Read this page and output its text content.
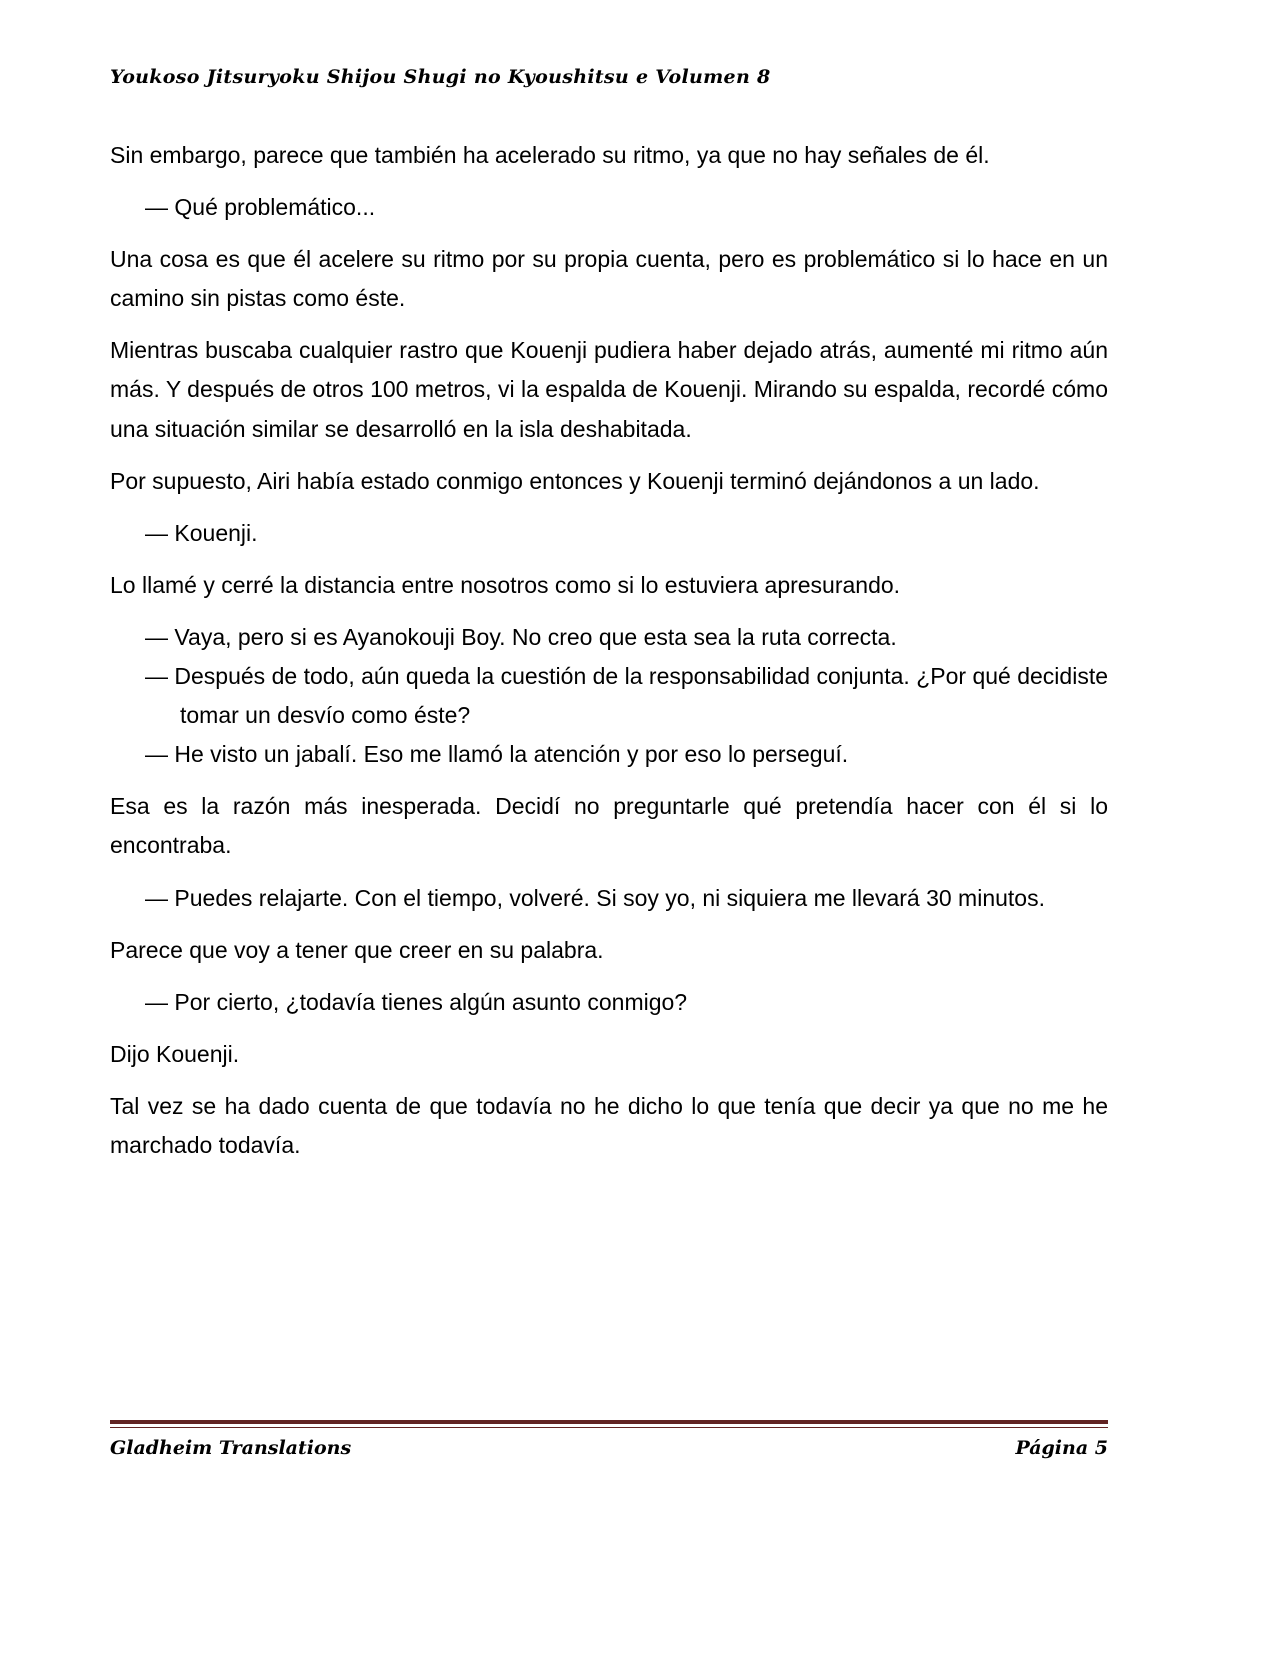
Youkoso Jitsuryoku Shijou Shugi no Kyoushitsu e Volumen 8

Sin embargo, parece que también ha acelerado su ritmo, ya que no hay señales de él.

— Qué problemático...

Una cosa es que él acelere su ritmo por su propia cuenta, pero es problemático si lo hace en un camino sin pistas como éste.

Mientras buscaba cualquier rastro que Kouenji pudiera haber dejado atrás, aumenté mi ritmo aún más. Y después de otros 100 metros, vi la espalda de Kouenji. Mirando su espalda, recordé cómo una situación similar se desarrolló en la isla deshabitada.

Por supuesto, Airi había estado conmigo entonces y Kouenji terminó dejándonos a un lado.

— Kouenji.

Lo llamé y cerré la distancia entre nosotros como si lo estuviera apresurando.

— Vaya, pero si es Ayanokouji Boy. No creo que esta sea la ruta correcta.

— Después de todo, aún queda la cuestión de la responsabilidad conjunta. ¿Por qué decidiste tomar un desvío como éste?

— He visto un jabalí. Eso me llamó la atención y por eso lo perseguí.

Esa es la razón más inesperada. Decidí no preguntarle qué pretendía hacer con él si lo encontraba.

— Puedes relajarte. Con el tiempo, volveré. Si soy yo, ni siquiera me llevará 30 minutos.

Parece que voy a tener que creer en su palabra.

— Por cierto, ¿todavía tienes algún asunto conmigo?

Dijo Kouenji.

Tal vez se ha dado cuenta de que todavía no he dicho lo que tenía que decir ya que no me he marchado todavía.

Gladheim Translations	Página 5
